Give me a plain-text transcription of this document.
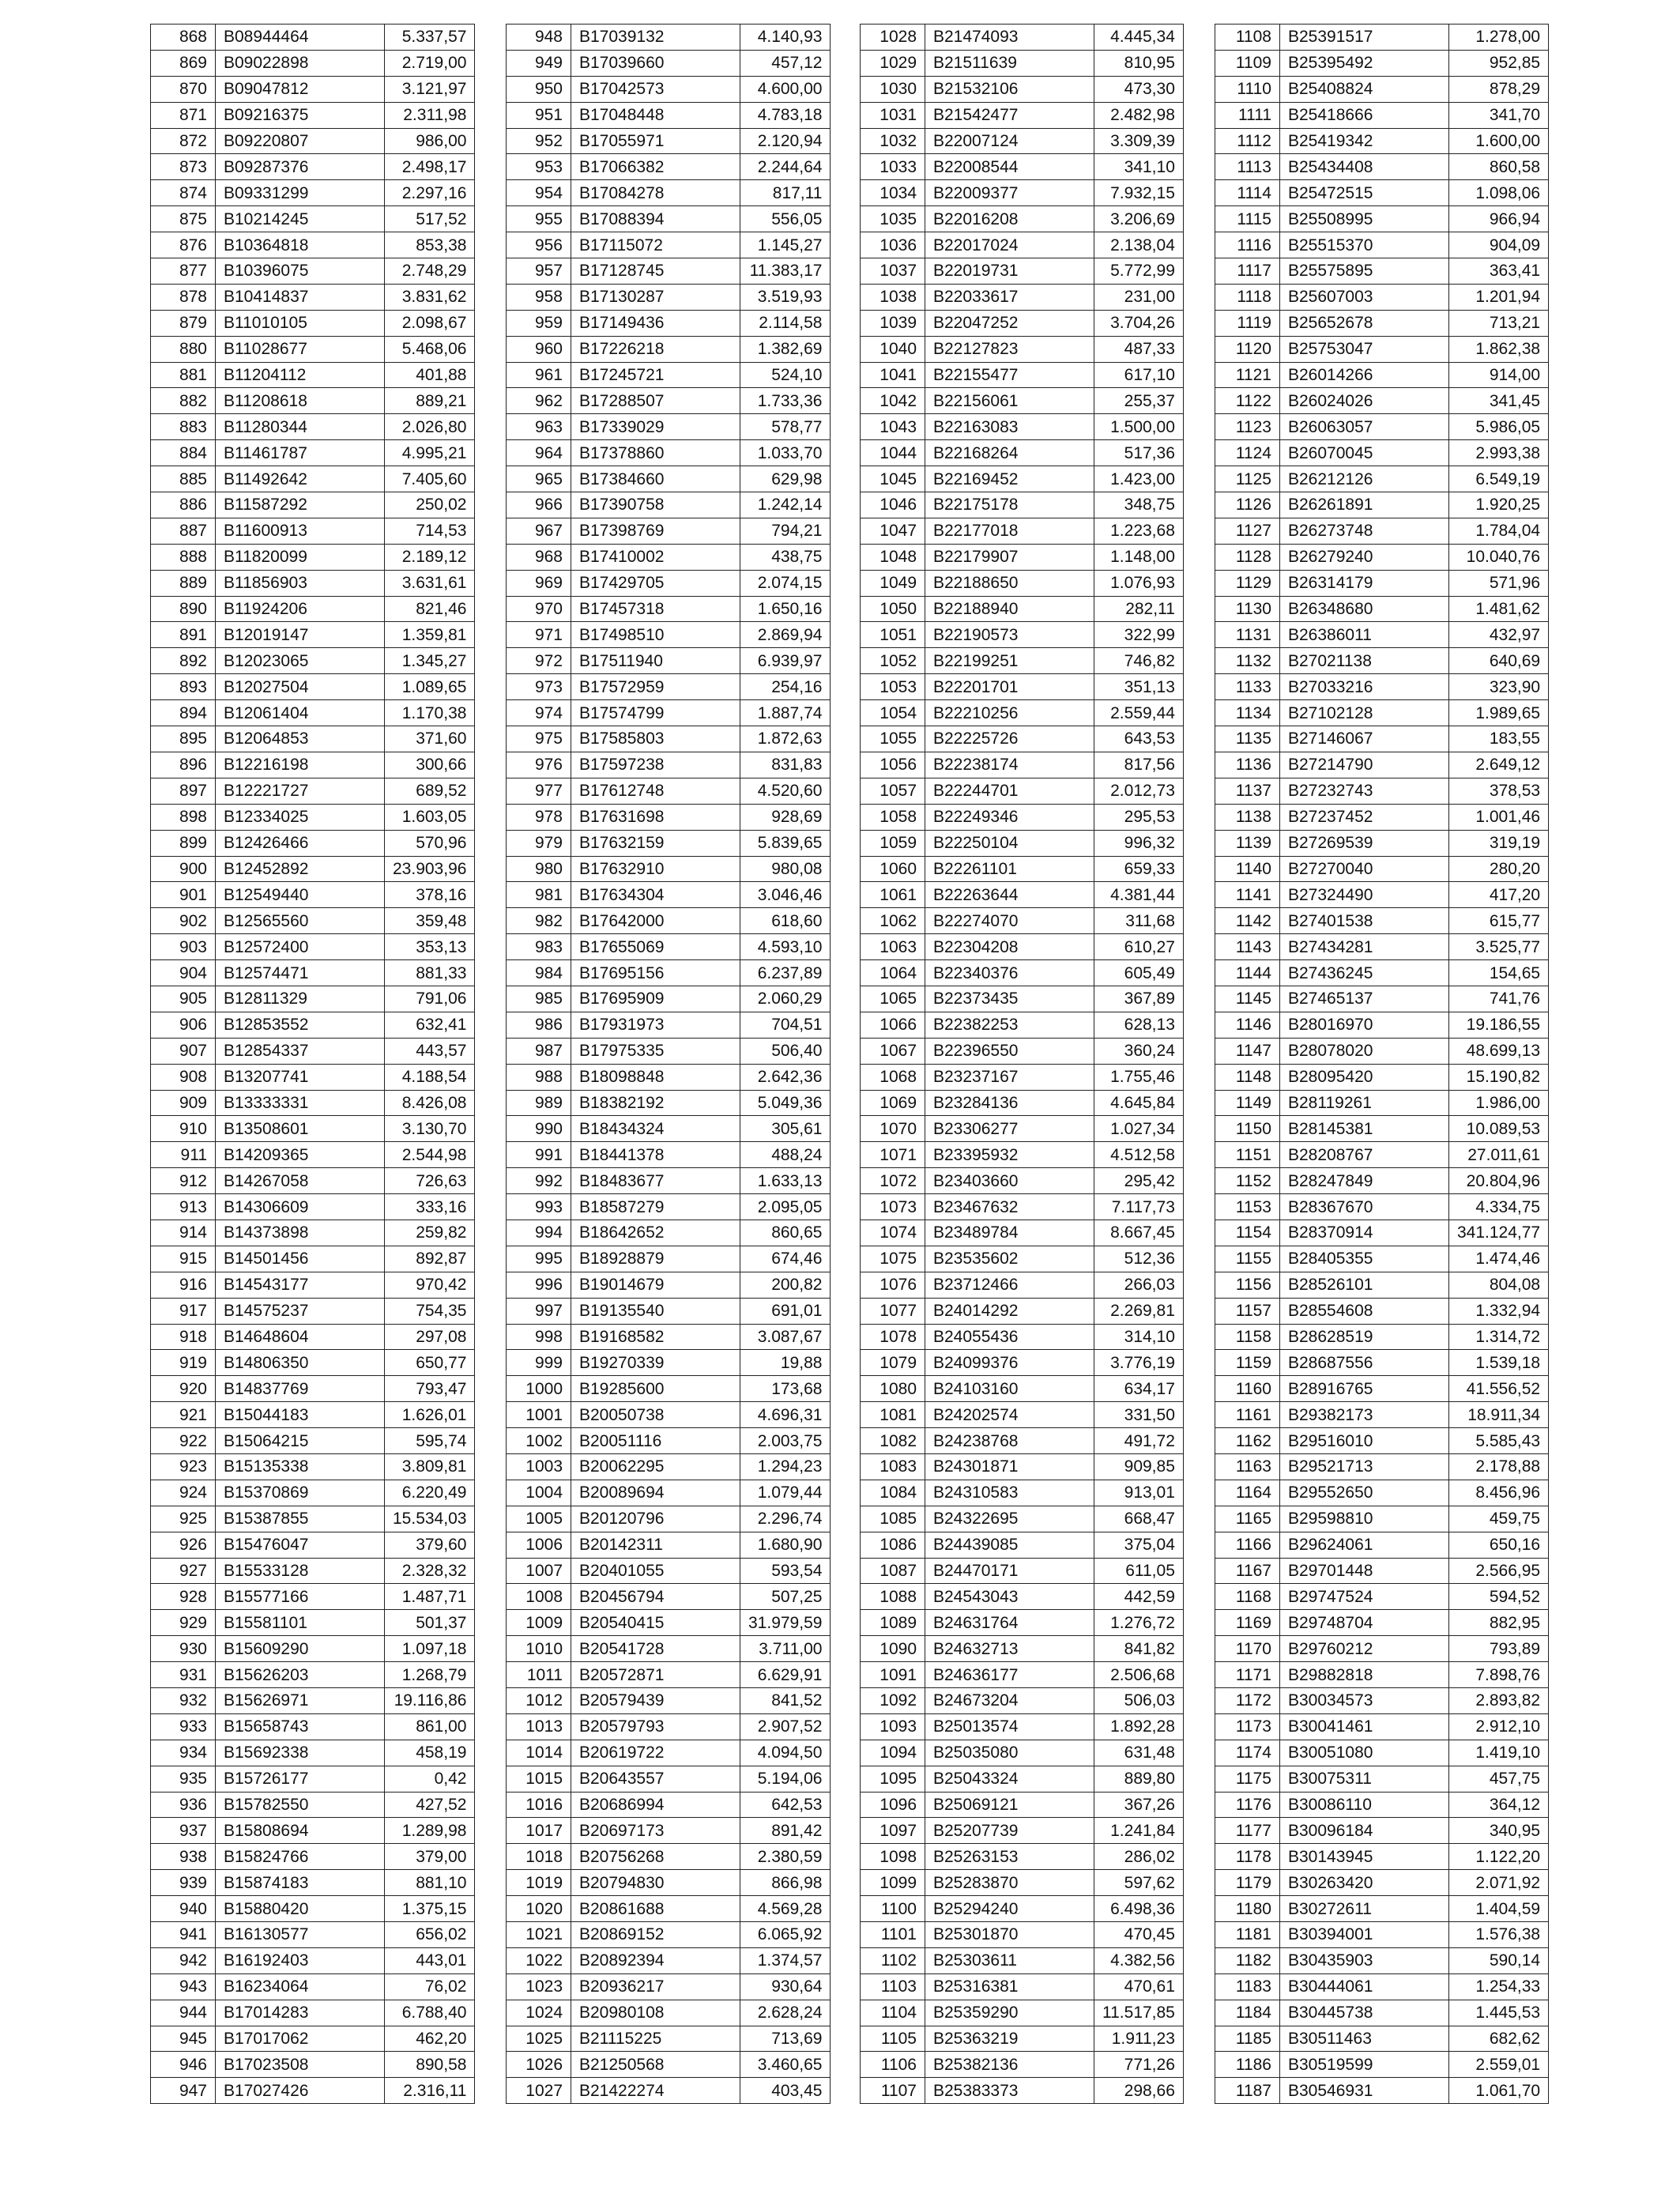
868	B08944464	5.337,57
869	B09022898	2.719,00
870	B09047812	3.121,97
871	B09216375	2.311,98
872	B09220807	986,00
873	B09287376	2.498,17
874	B09331299	2.297,16
875	B10214245	517,52
876	B10364818	853,38
877	B10396075	2.748,29
878	B10414837	3.831,62
879	B11010105	2.098,67
880	B11028677	5.468,06
881	B11204112	401,88
882	B11208618	889,21
883	B11280344	2.026,80
884	B11461787	4.995,21
885	B11492642	7.405,60
886	B11587292	250,02
887	B11600913	714,53
888	B11820099	2.189,12
889	B11856903	3.631,61
890	B11924206	821,46
891	B12019147	1.359,81
892	B12023065	1.345,27
893	B12027504	1.089,65
894	B12061404	1.170,38
895	B12064853	371,60
896	B12216198	300,66
897	B12221727	689,52
898	B12334025	1.603,05
899	B12426466	570,96
900	B12452892	23.903,96
901	B12549440	378,16
902	B12565560	359,48
903	B12572400	353,13
904	B12574471	881,33
905	B12811329	791,06
906	B12853552	632,41
907	B12854337	443,57
908	B13207741	4.188,54
909	B13333331	8.426,08
910	B13508601	3.130,70
911	B14209365	2.544,98
912	B14267058	726,63
913	B14306609	333,16
914	B14373898	259,82
915	B14501456	892,87
916	B14543177	970,42
917	B14575237	754,35
918	B14648604	297,08
919	B14806350	650,77
920	B14837769	793,47
921	B15044183	1.626,01
922	B15064215	595,74
923	B15135338	3.809,81
924	B15370869	6.220,49
925	B15387855	15.534,03
926	B15476047	379,60
927	B15533128	2.328,32
928	B15577166	1.487,71
929	B15581101	501,37
930	B15609290	1.097,18
931	B15626203	1.268,79
932	B15626971	19.116,86
933	B15658743	861,00
934	B15692338	458,19
935	B15726177	0,42
936	B15782550	427,52
937	B15808694	1.289,98
938	B15824766	379,00
939	B15874183	881,10
940	B15880420	1.375,15
941	B16130577	656,02
942	B16192403	443,01
943	B16234064	76,02
944	B17014283	6.788,40
945	B17017062	462,20
946	B17023508	890,58
947	B17027426	2.316,11
948	B17039132	4.140,93
949	B17039660	457,12
950	B17042573	4.600,00
951	B17048448	4.783,18
952	B17055971	2.120,94
953	B17066382	2.244,64
954	B17084278	817,11
955	B17088394	556,05
956	B17115072	1.145,27
957	B17128745	11.383,17
958	B17130287	3.519,93
959	B17149436	2.114,58
960	B17226218	1.382,69
961	B17245721	524,10
962	B17288507	1.733,36
963	B17339029	578,77
964	B17378860	1.033,70
965	B17384660	629,98
966	B17390758	1.242,14
967	B17398769	794,21
968	B17410002	438,75
969	B17429705	2.074,15
970	B17457318	1.650,16
971	B17498510	2.869,94
972	B17511940	6.939,97
973	B17572959	254,16
974	B17574799	1.887,74
975	B17585803	1.872,63
976	B17597238	831,83
977	B17612748	4.520,60
978	B17631698	928,69
979	B17632159	5.839,65
980	B17632910	980,08
981	B17634304	3.046,46
982	B17642000	618,60
983	B17655069	4.593,10
984	B17695156	6.237,89
985	B17695909	2.060,29
986	B17931973	704,51
987	B17975335	506,40
988	B18098848	2.642,36
989	B18382192	5.049,36
990	B18434324	305,61
991	B18441378	488,24
992	B18483677	1.633,13
993	B18587279	2.095,05
994	B18642652	860,65
995	B18928879	674,46
996	B19014679	200,82
997	B19135540	691,01
998	B19168582	3.087,67
999	B19270339	19,88
1000	B19285600	173,68
1001	B20050738	4.696,31
1002	B20051116	2.003,75
1003	B20062295	1.294,23
1004	B20089694	1.079,44
1005	B20120796	2.296,74
1006	B20142311	1.680,90
1007	B20401055	593,54
1008	B20456794	507,25
1009	B20540415	31.979,59
1010	B20541728	3.711,00
1011	B20572871	6.629,91
1012	B20579439	841,52
1013	B20579793	2.907,52
1014	B20619722	4.094,50
1015	B20643557	5.194,06
1016	B20686994	642,53
1017	B20697173	891,42
1018	B20756268	2.380,59
1019	B20794830	866,98
1020	B20861688	4.569,28
1021	B20869152	6.065,92
1022	B20892394	1.374,57
1023	B20936217	930,64
1024	B20980108	2.628,24
1025	B21115225	713,69
1026	B21250568	3.460,65
1027	B21422274	403,45
1028	B21474093	4.445,34
1029	B21511639	810,95
1030	B21532106	473,30
1031	B21542477	2.482,98
1032	B22007124	3.309,39
1033	B22008544	341,10
1034	B22009377	7.932,15
1035	B22016208	3.206,69
1036	B22017024	2.138,04
1037	B22019731	5.772,99
1038	B22033617	231,00
1039	B22047252	3.704,26
1040	B22127823	487,33
1041	B22155477	617,10
1042	B22156061	255,37
1043	B22163083	1.500,00
1044	B22168264	517,36
1045	B22169452	1.423,00
1046	B22175178	348,75
1047	B22177018	1.223,68
1048	B22179907	1.148,00
1049	B22188650	1.076,93
1050	B22188940	282,11
1051	B22190573	322,99
1052	B22199251	746,82
1053	B22201701	351,13
1054	B22210256	2.559,44
1055	B22225726	643,53
1056	B22238174	817,56
1057	B22244701	2.012,73
1058	B22249346	295,53
1059	B22250104	996,32
1060	B22261101	659,33
1061	B22263644	4.381,44
1062	B22274070	311,68
1063	B22304208	610,27
1064	B22340376	605,49
1065	B22373435	367,89
1066	B22382253	628,13
1067	B22396550	360,24
1068	B23237167	1.755,46
1069	B23284136	4.645,84
1070	B23306277	1.027,34
1071	B23395932	4.512,58
1072	B23403660	295,42
1073	B23467632	7.117,73
1074	B23489784	8.667,45
1075	B23535602	512,36
1076	B23712466	266,03
1077	B24014292	2.269,81
1078	B24055436	314,10
1079	B24099376	3.776,19
1080	B24103160	634,17
1081	B24202574	331,50
1082	B24238768	491,72
1083	B24301871	909,85
1084	B24310583	913,01
1085	B24322695	668,47
1086	B24439085	375,04
1087	B24470171	611,05
1088	B24543043	442,59
1089	B24631764	1.276,72
1090	B24632713	841,82
1091	B24636177	2.506,68
1092	B24673204	506,03
1093	B25013574	1.892,28
1094	B25035080	631,48
1095	B25043324	889,80
1096	B25069121	367,26
1097	B25207739	1.241,84
1098	B25263153	286,02
1099	B25283870	597,62
1100	B25294240	6.498,36
1101	B25301870	470,45
1102	B25303611	4.382,56
1103	B25316381	470,61
1104	B25359290	11.517,85
1105	B25363219	1.911,23
1106	B25382136	771,26
1107	B25383373	298,66
1108	B25391517	1.278,00
1109	B25395492	952,85
1110	B25408824	878,29
1111	B25418666	341,70
1112	B25419342	1.600,00
1113	B25434408	860,58
1114	B25472515	1.098,06
1115	B25508995	966,94
1116	B25515370	904,09
1117	B25575895	363,41
1118	B25607003	1.201,94
1119	B25652678	713,21
1120	B25753047	1.862,38
1121	B26014266	914,00
1122	B26024026	341,45
1123	B26063057	5.986,05
1124	B26070045	2.993,38
1125	B26212126	6.549,19
1126	B26261891	1.920,25
1127	B26273748	1.784,04
1128	B26279240	10.040,76
1129	B26314179	571,96
1130	B26348680	1.481,62
1131	B26386011	432,97
1132	B27021138	640,69
1133	B27033216	323,90
1134	B27102128	1.989,65
1135	B27146067	183,55
1136	B27214790	2.649,12
1137	B27232743	378,53
1138	B27237452	1.001,46
1139	B27269539	319,19
1140	B27270040	280,20
1141	B27324490	417,20
1142	B27401538	615,77
1143	B27434281	3.525,77
1144	B27436245	154,65
1145	B27465137	741,76
1146	B28016970	19.186,55
1147	B28078020	48.699,13
1148	B28095420	15.190,82
1149	B28119261	1.986,00
1150	B28145381	10.089,53
1151	B28208767	27.011,61
1152	B28247849	20.804,96
1153	B28367670	4.334,75
1154	B28370914	341.124,77
1155	B28405355	1.474,46
1156	B28526101	804,08
1157	B28554608	1.332,94
1158	B28628519	1.314,72
1159	B28687556	1.539,18
1160	B28916765	41.556,52
1161	B29382173	18.911,34
1162	B29516010	5.585,43
1163	B29521713	2.178,88
1164	B29552650	8.456,96
1165	B29598810	459,75
1166	B29624061	650,16
1167	B29701448	2.566,95
1168	B29747524	594,52
1169	B29748704	882,95
1170	B29760212	793,89
1171	B29882818	7.898,76
1172	B30034573	2.893,82
1173	B30041461	2.912,10
1174	B30051080	1.419,10
1175	B30075311	457,75
1176	B30086110	364,12
1177	B30096184	340,95
1178	B30143945	1.122,20
1179	B30263420	2.071,92
1180	B30272611	1.404,59
1181	B30394001	1.576,38
1182	B30435903	590,14
1183	B30444061	1.254,33
1184	B30445738	1.445,53
1185	B30511463	682,62
1186	B30519599	2.559,01
1187	B30546931	1.061,70
